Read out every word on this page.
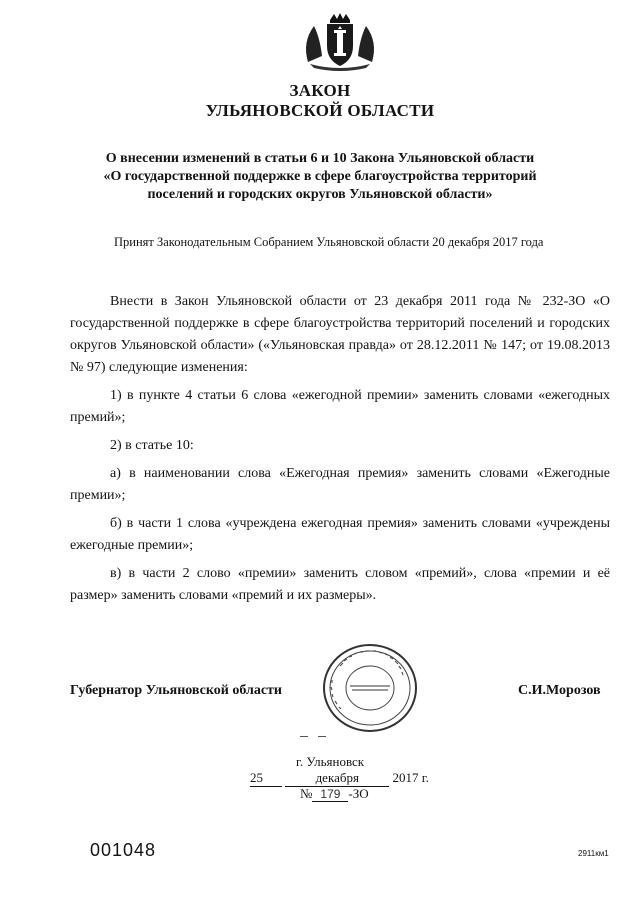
ЗАКОН
УЛЬЯНОВСКОЙ ОБЛАСТИ
О внесении изменений в статьи 6 и 10 Закона Ульяновской области
«О государственной поддержке в сфере благоустройства территорий
поселений и городских округов Ульяновской области»
Принят Законодательным Собранием Ульяновской области 20 декабря 2017 года

Внести в Закон Ульяновской области от 23 декабря 2011 года № 232-ЗО «О государственной поддержке в сфере благоустройства территорий поселений и городских округов Ульяновской области» («Ульяновская правда» от 28.12.2011 № 147; от 19.08.2013 № 97) следующие изменения:

1) в пункте 4 статьи 6 слова «ежегодной премии» заменить словами «ежегодных премий»;

2) в статье 10:

а) в наименовании слова «Ежегодная премия» заменить словами «Ежегодные премии»;

б) в части 1 слова «учреждена ежегодная премия» заменить словами «учреждены ежегодные премии»;

в) в части 2 слово «премии» заменить словом «премий», слова «премии и её размер» заменить словами «премий и их размеры».

Губернатор Ульяновской области	С.И.Морозов
г. Ульяновск
25	декабря	2017 г.
№ 179 -ЗО
001048	2911км1
